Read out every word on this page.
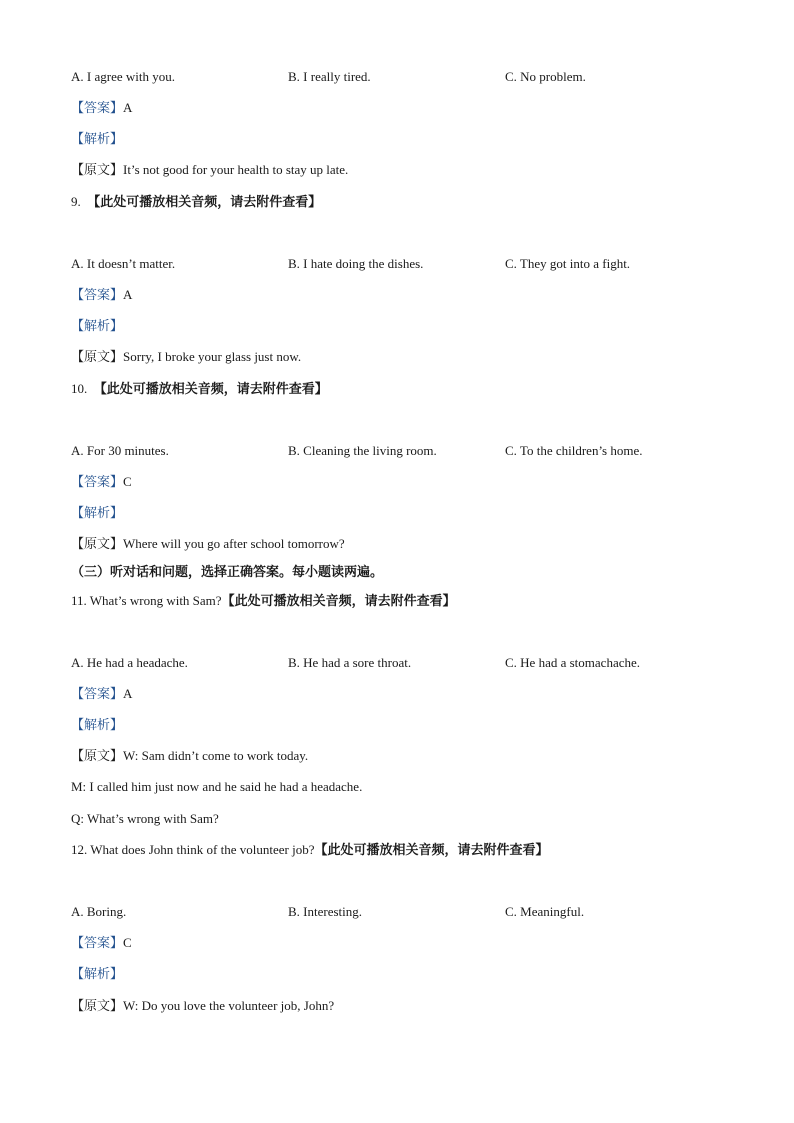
A. I agree with you.	B. I really tired.	C. No problem.
【答案】A
【解析】
【原文】It’s not good for your health to stay up late.
9. 【此处可播放相关音频，请去附件查看】
A. It doesn’t matter.	B. I hate doing the dishes.	C. They got into a fight.
【答案】A
【解析】
【原文】Sorry, I broke your glass just now.
10. 【此处可播放相关音频，请去附件查看】
A. For 30 minutes.	B. Cleaning the living room.	C. To the children’s home.
【答案】C
【解析】
【原文】Where will you go after school tomorrow?
（三）听对话和问题，选择正确答案。每小题读两遍。
11. What’s wrong with Sam?【此处可播放相关音频，请去附件查看】
A. He had a headache.	B. He had a sore throat.	C. He had a stomachache.
【答案】A
【解析】
【原文】W: Sam didn’t come to work today.
M: I called him just now and he said he had a headache.
Q: What’s wrong with Sam?
12. What does John think of the volunteer job?【此处可播放相关音频，请去附件查看】
A. Boring.	B. Interesting.	C. Meaningful.
【答案】C
【解析】
【原文】W: Do you love the volunteer job, John?
